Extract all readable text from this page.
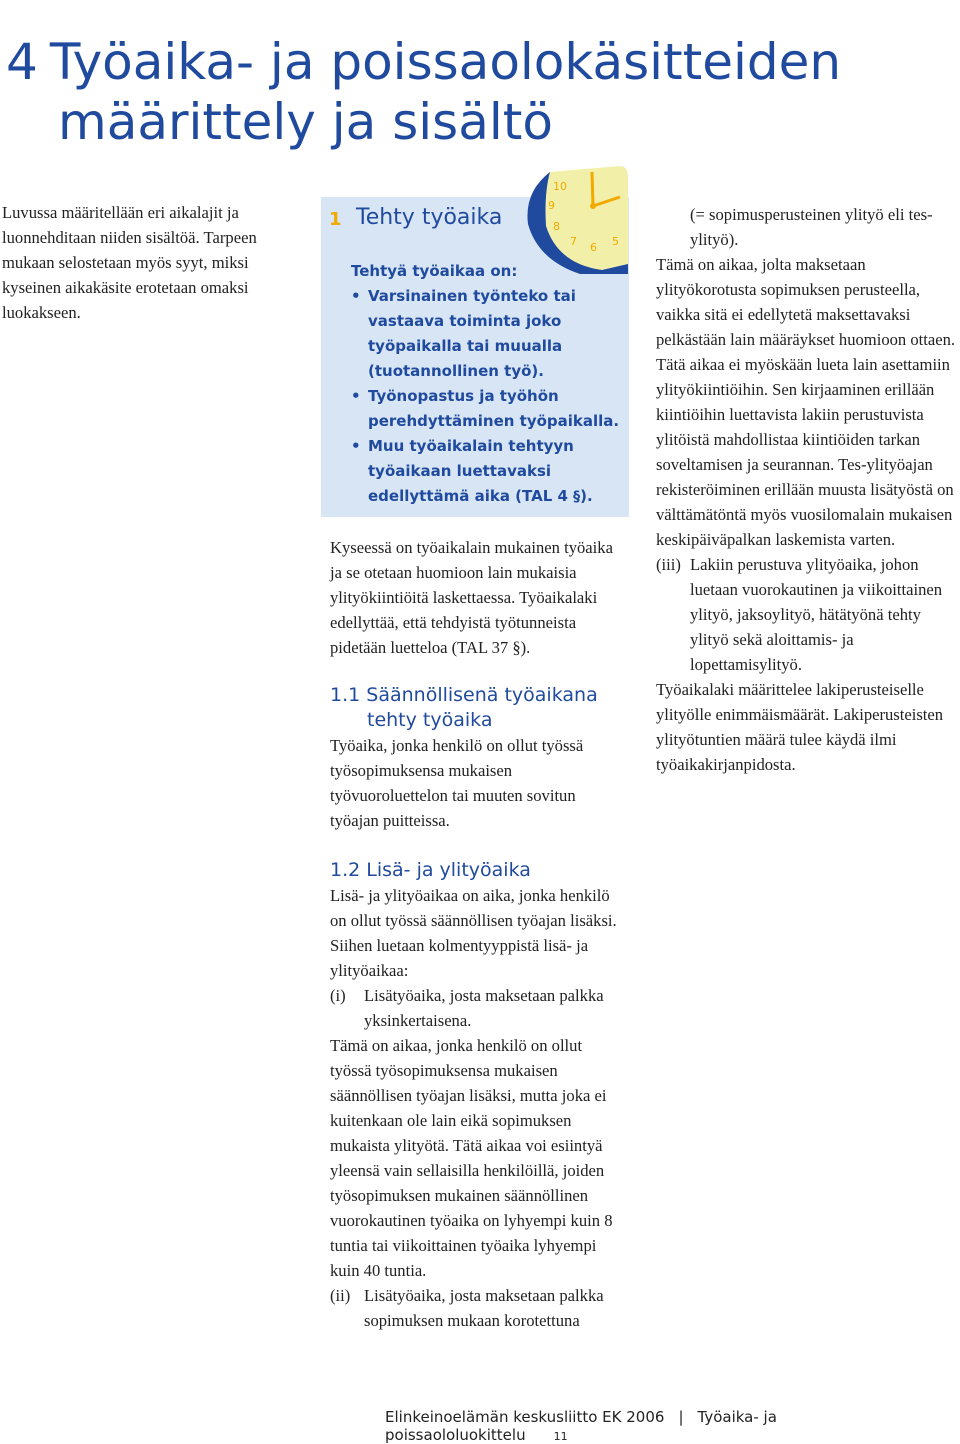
4 Työaika- ja poissaolokäsitteiden
määrittely ja sisältö

Luvussa määritellään eri aikalajit ja luonnehditaan niiden sisältöä. Tarpeen mukaan selostetaan myös syyt, miksi kyseinen aikakäsite erotetaan omaksi luokakseen.

1 Tehty työaika
Tehtyä työaikaa on:
• Varsinainen työnteko tai vastaava toiminta joko työpaikalla tai muualla (tuotannollinen työ).
• Työnopastus ja työhön perehdyttäminen työpaikalla.
• Muu työaikalain tehtyyn työaikaan luettavaksi edellyttämä aika (TAL 4 §).
10
9
8
7 6 5

Kyseessä on työaikalain mukainen työaika ja se otetaan huomioon lain mukaisia ylityökiintiöitä laskettaessa. Työaikalaki edellyttää, että tehdyistä työtunneista pidetään luetteloa (TAL 37 §).

1.1 Säännöllisenä työaikana
tehty työaika

Työaika, jonka henkilö on ollut työssä työsopimuksensa mukaisen työvuoroluettelon tai muuten sovitun työajan puitteissa.

1.2 Lisä- ja ylityöaika

Lisä- ja ylityöaikaa on aika, jonka henkilö on ollut työssä säännöllisen työajan lisäksi. Siihen luetaan kolmentyyppistä lisä- ja ylityöaikaa:

(i)	Lisätyöaika, josta maksetaan palkka yksinkertaisena.

Tämä on aikaa, jonka henkilö on ollut työssä työsopimuksensa mukaisen säännöllisen työajan lisäksi, mutta joka ei kuitenkaan ole lain eikä sopimuksen mukaista ylityötä. Tätä aikaa voi esiintyä yleensä vain sellaisilla henkilöillä, joiden työsopimuksen mukainen säännöllinen vuorokautinen työaika on lyhyempi kuin 8 tuntia tai viikoittainen työaika lyhyempi kuin 40 tuntia.

(ii) Lisätyöaika, josta maksetaan palkka sopimuksen mukaan korotettuna

(= sopimusperusteinen ylityö eli tes-ylityö).

Tämä on aikaa, jolta maksetaan ylityökorotusta sopimuksen perusteella, vaikka sitä ei edellytetä maksettavaksi pelkästään lain määräykset huomioon ottaen. Tätä aikaa ei myöskään lueta lain asettamiin ylityökiintiöihin. Sen kirjaaminen erillään kiintiöihin luettavista lakiin perustuvista ylitöistä mahdollistaa kiintiöiden tarkan soveltamisen ja seurannan. Tes-ylityöajan rekisteröiminen erillään muusta lisätyöstä on välttämätöntä myös vuosilomalain mukaisen keskipäiväpalkan laskemista varten.

(iii) Lakiin perustuva ylityöaika, johon luetaan vuorokautinen ja viikoittainen ylityö, jaksoylityö, hätätyönä tehty ylityö sekä aloittamis- ja lopettamisylityö.

Työaikalaki määrittelee lakiperusteiselle ylityölle enimmäismäärät. Lakiperusteisten ylityötuntien määrä tulee käydä ilmi työaikakirjanpidosta.

Elinkeinoelämän keskusliitto EK 2006 | Työaika- ja poissaololuokittelu	11
